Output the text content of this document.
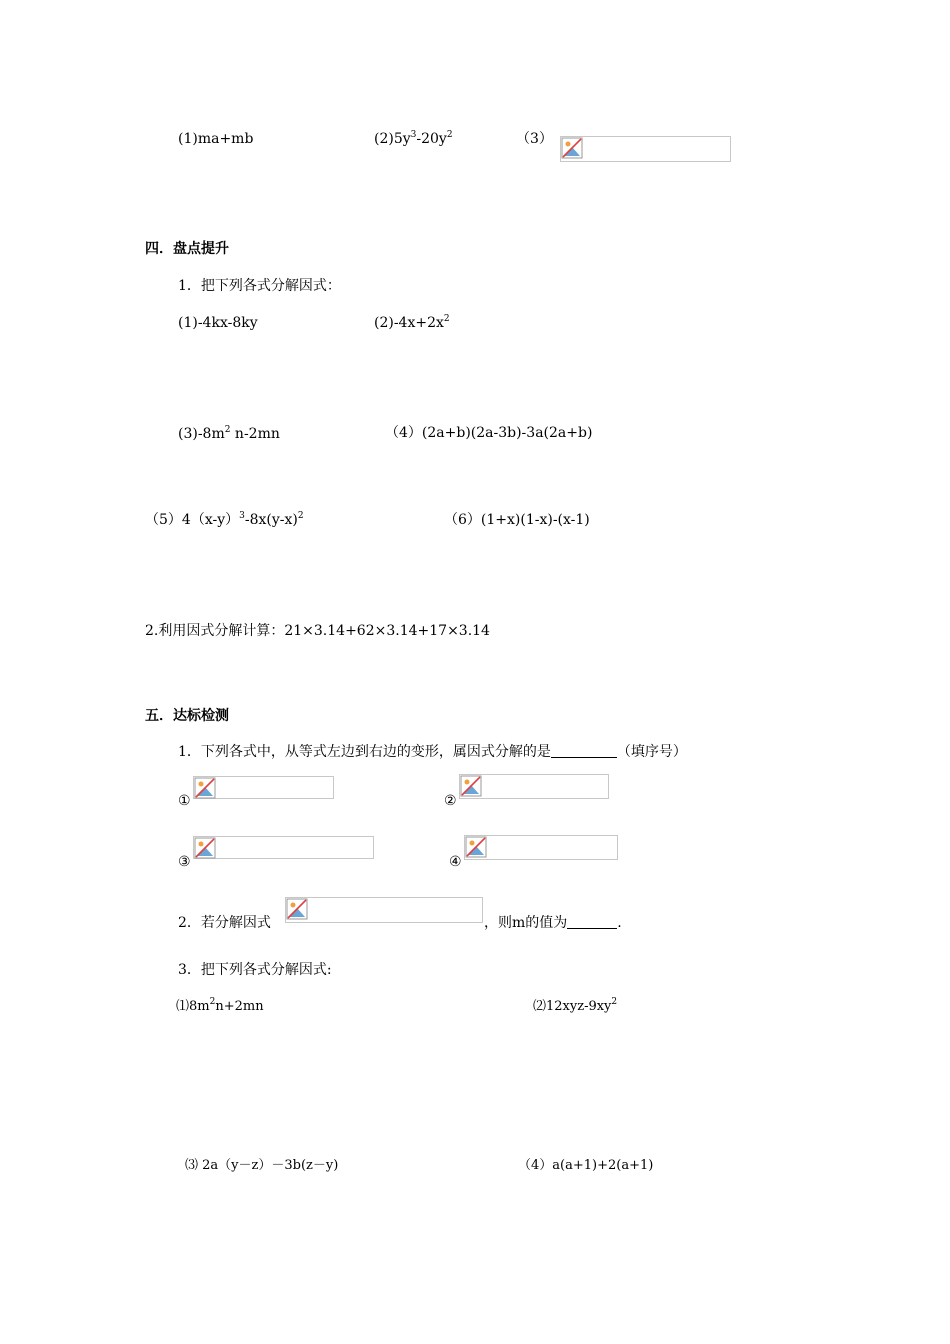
(1)ma+mb	$(2)5y^3-20y^2$	（3）
四．盘点提升
1．把下列各式分解因式：
(1)-4kx-8ky	$(2)-4x+2x^2$
$(3)-8m^2$ n-2mn	（4）(2a+b)(2a-3b)-3a(2a+b)
$(5)4(x-y)^3-8x(y-x)^2$	（6）(1+x)(1-x)-(x-1)
2.利用因式分解计算：21×3.14+62×3.14+17×3.14
五．达标检测
1．下列各式中，从等式左边到右边的变形，属因式分解的是	（填序号）
①	②
③	④
2．若分解因式	，则m的值为	.
3．把下列各式分解因式:
$⑴8m^2n+2mn$	$⑵12xyz-9xy^2$
⑶ 2a（y－z）－3b(z－y)	（4）a(a+1)+2(a+1)
